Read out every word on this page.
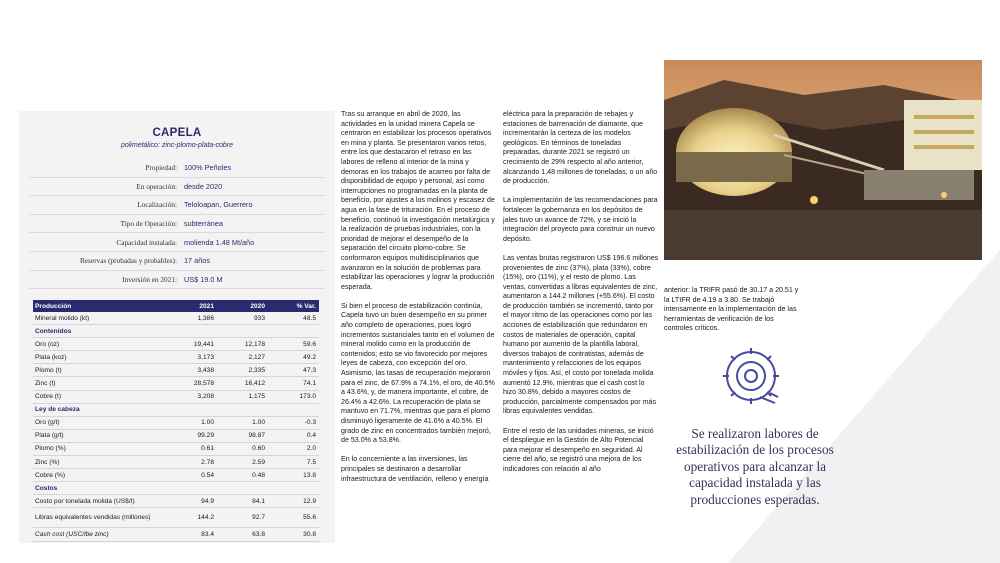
CAPELA
polimetálico: zinc-plomo-plata-cobre
Propiedad: 100% Peñoles
En operación: desde 2020
Localización: Teloloapan, Guerrero
Tipo de Operación: subterránea
Capacidad instalada: molienda 1.48 Mt/año
Reservas (probadas y probables): 17 años
Inversión en 2021: US$ 19.0 M
Producción	2021	2020	% Var.
Mineral molido (kt)	1,386	933	48.5
Contenidos
Oro (oz)	19,441	12,178	59.6
Plata (koz)	3,173	2,127	49.2
Plomo (t)	3,438	2,335	47.3
Zinc (t)	28,578	16,412	74.1
Cobre (t)	3,208	1,175	173.0
Ley de cabeza
Oro (g/t)	1.00	1.00	-0.3
Plata (g/t)	99.29	98.87	0.4
Plomo (%)	0.61	0.60	2.0
Zinc (%)	2.78	2.59	7.5
Cobre (%)	0.54	0.48	13.8
Costos
Costo por tonelada molida (US$/t)	94.9	84.1	12.9
Libras equivalentes vendidas (millones)	144.2	92.7	55.6
Cash cost (USC/lbe zinc)	83.4	63.8	30.8

Tras su arranque en abril de 2020, las actividades en la unidad minera Capela se centraron en estabilizar los procesos operativos en mina y planta. Se presentaron varios retos, entre los que destacaron el retraso en las labores de relleno al interior de la mina y demoras en los trabajos de acarreo por falta de disponibilidad de equipo y personal, así como interrupciones no programadas en la planta de beneficio, por ajustes a los molinos y escasez de agua en la fase de trituración. En el proceso de beneficio, continuó la investigación metalúrgica y la realización de pruebas industriales, con la prioridad de mejorar el desempeño de la separación del circuito plomo-cobre. Se conformaron equipos multidisciplinarios que avanzaron en la solución de problemas para estabilizar las operaciones y lograr la producción esperada.

Si bien el proceso de estabilización continúa, Capela tuvo un buen desempeño en su primer año completo de operaciones, pues logró incrementos sustanciales tanto en el volumen de mineral molido como en la producción de contenidos; esto se vio favorecido por mejores leyes de cabeza, con excepción del oro. Asimismo, las tasas de recuperación mejoraron para el zinc, de 67.9% a 74.1%, el oro, de 40.5% a 43.6%, y, de manera importante, el cobre, de 26.4% a 42.6%. La recuperación de plata se mantuvo en 71.7%, mientras que para el plomo disminuyó ligeramente de 41.6% a 40.5%. El grado de zinc en concentrados también mejoró, de 53.0% a 53.8%.

En lo concerniente a las inversiones, las principales se destinaron a desarrollar infraestructura de ventilación, relleno y energía

eléctrica para la preparación de rebajes y estaciones de barrenación de diamante, que incrementarán la certeza de los modelos geológicos. En términos de toneladas preparadas, durante 2021 se registró un crecimiento de 29% respecto al año anterior, alcanzando 1.48 millones de toneladas, o un año de producción.

La implementación de las recomendaciones para fortalecer la gobernanza en los depósitos de jales tuvo un avance de 72%, y se inició la integración del proyecto para construir un nuevo depósito.

Las ventas brutas registraron US$ 196.6 millones provenientes de zinc (37%), plata (33%), cobre (15%), oro (11%), y el resto de plomo. Las ventas, convertidas a libras equivalentes de zinc, aumentaron a 144.2 millones (+55.6%). El costo de producción también se incrementó, tanto por el mayor ritmo de las operaciones como por las acciones de estabilización que redundaron en costos de materiales de operación, capital humano por aumento de la plantilla laboral, diversos trabajos de contratistas, además de mantenimiento y refacciones de los equipos móviles y fijos. Así, el costo por tonelada molida aumentó 12.9%, mientras que el cash cost lo hizo 30.8%, debido a mayores costos de producción, parcialmente compensados por más libras equivalentes vendidas.

Entre el resto de las unidades mineras, se inició el despliegue en la Gestión de Alto Potencial para mejorar el desempeño en seguridad. Al cierre del año, se registró una mejora de los indicadores con relación al año

anterior: la TRIFR pasó de 30.17 a 20.51 y la LTIFR de 4.19 a 3.80. Se trabajó intensamente en la implementación de las herramientas de verificación de los controles críticos.
Se realizaron labores de estabilización de los procesos operativos para alcanzar la capacidad instalada y las producciones esperadas.
